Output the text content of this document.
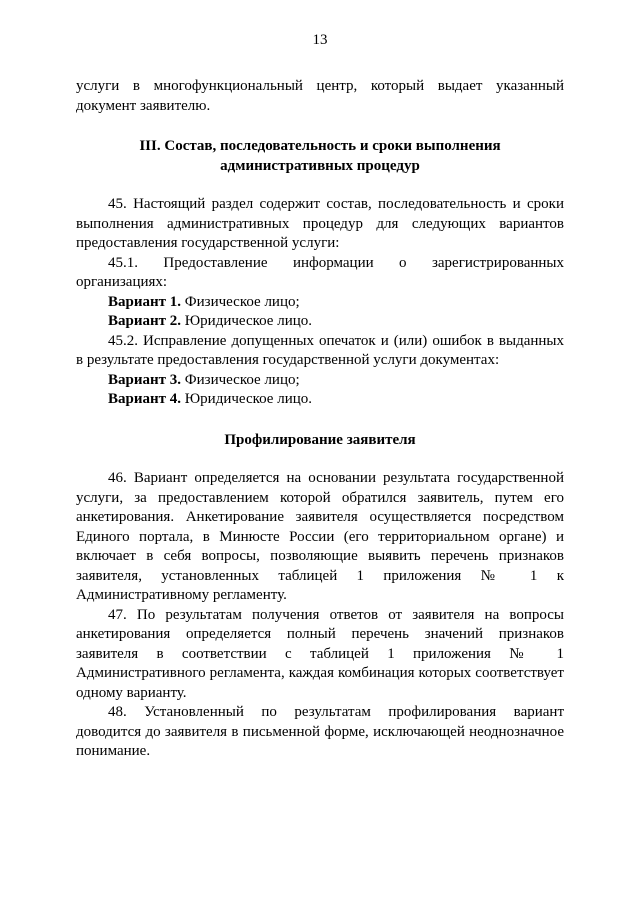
13

услуги в многофункциональный центр, который выдает указанный

документ заявителю.

III. Состав, последовательность и сроки выполнения
административных процедур

45. Настоящий раздел содержит состав, последовательность и сроки выполнения административных процедур для следующих вариантов предоставления государственной услуги:

45.1. Предоставление информации о зарегистрированных организациях:

Вариант 1. Физическое лицо;

Вариант 2. Юридическое лицо.

45.2. Исправление допущенных опечаток и (или) ошибок в выданных в результате предоставления государственной услуги документах:

Вариант 3. Физическое лицо;

Вариант 4. Юридическое лицо.

Профилирование заявителя

46. Вариант определяется на основании результата государственной услуги, за предоставлением которой обратился заявитель, путем его анкетирования. Анкетирование заявителя осуществляется посредством Единого портала, в Минюсте России (его территориальном органе) и включает в себя вопросы, позволяющие выявить перечень признаков заявителя, установленных таблицей 1 приложения № 1 к Административному регламенту.

47. По результатам получения ответов от заявителя на вопросы анкетирования определяется полный перечень значений признаков заявителя в соответствии с таблицей 1 приложения № 1 Административного регламента, каждая комбинация которых соответствует одному варианту.

48. Установленный по результатам профилирования вариант доводится до заявителя в письменной форме, исключающей неоднозначное понимание.
